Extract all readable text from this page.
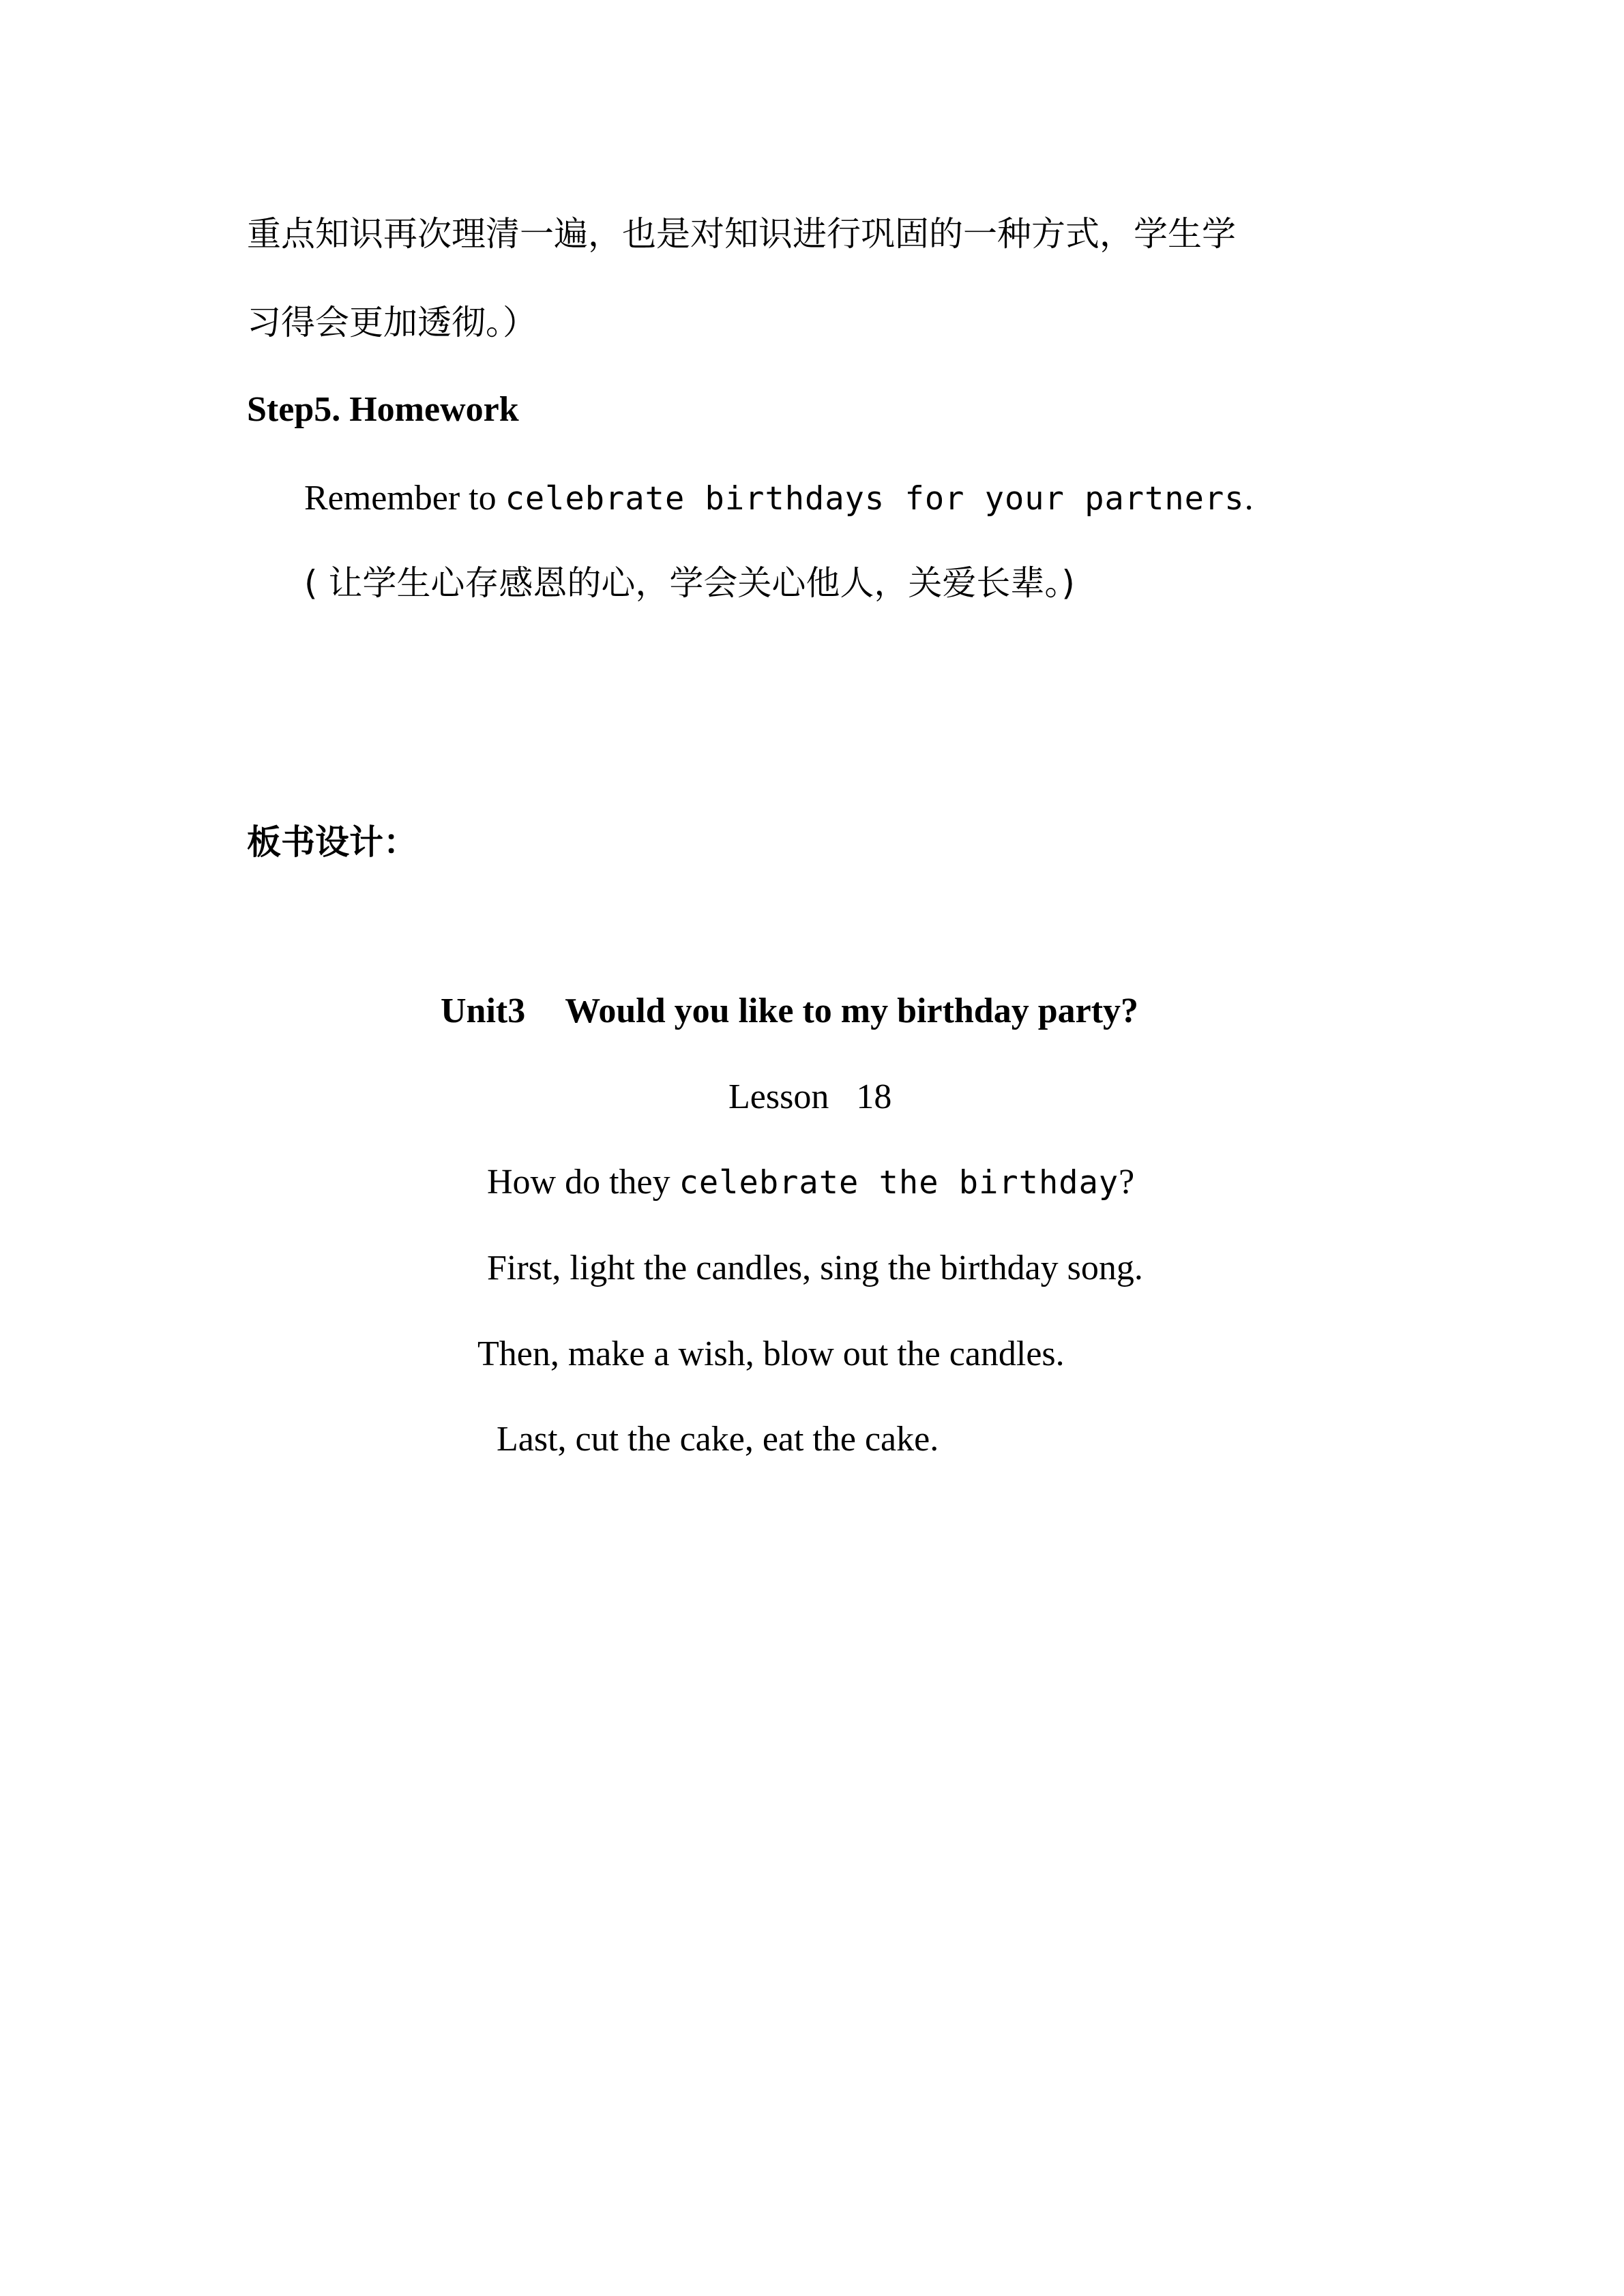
重点知识再次理清一遍，也是对知识进行巩固的一种方式，学生学
习得会更加透彻。）
Step5. Homework
Remember to celebrate birthdays for your partners.
( 让学生心存感恩的心，学会关心他人，关爱长辈。)
板书设计：
Unit3 Would you like to my birthday party?
Lesson 18
How do they celebrate the birthday?
First, light the candles, sing the birthday song.
Then, make a wish, blow out the candles.
Last, cut the cake, eat the cake.
